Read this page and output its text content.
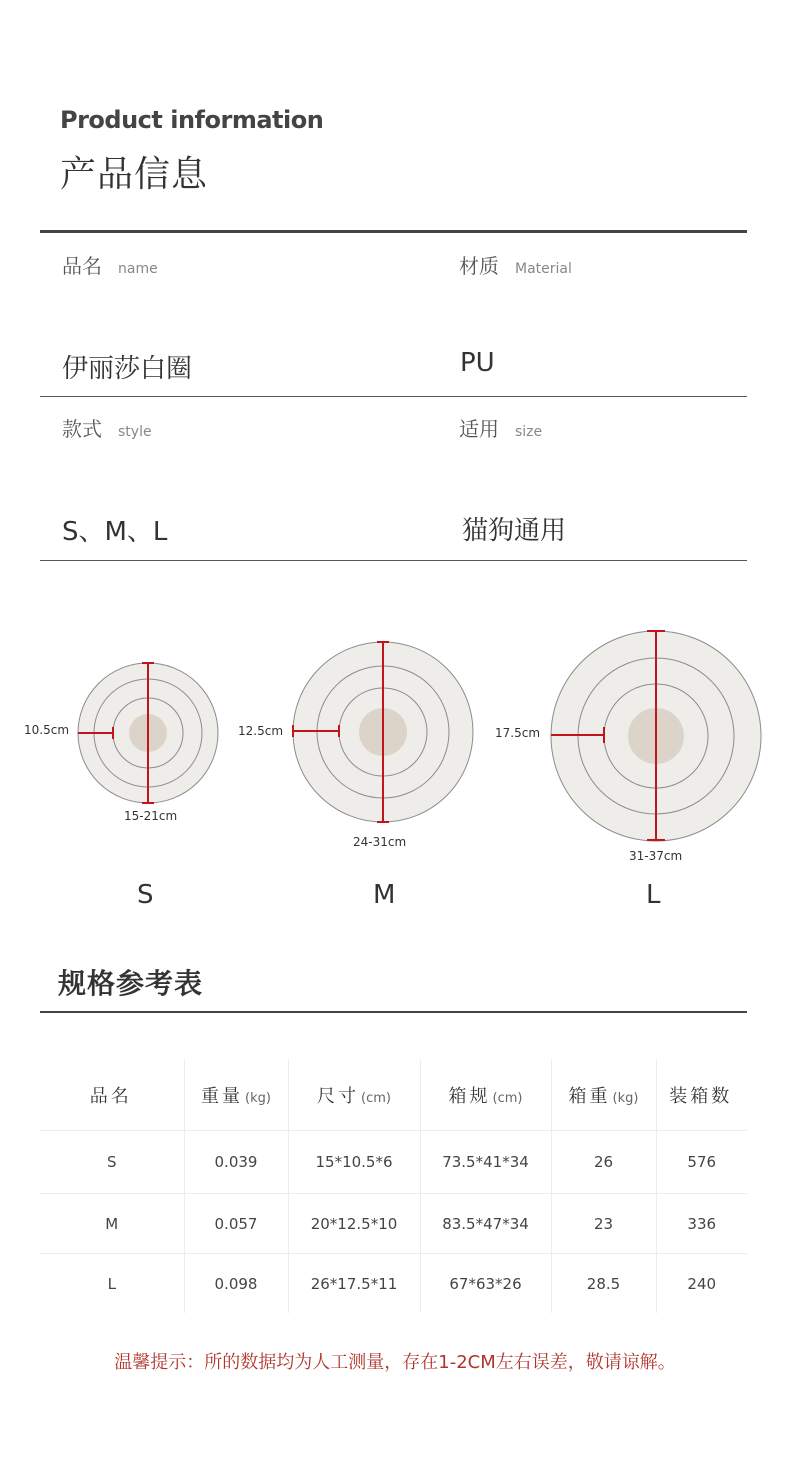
Product information
产品信息
品名 name	材质 Material
伊丽莎白圈	PU
款式 style	适用 size
S、M、L	猫狗通用
10.5cm
15-21cm
S
12.5cm
24-31cm
M
17.5cm
31-37cm
L
规格参考表
品名	重量 (kg)	尺寸 (cm)	箱规 (cm)	箱重 (kg)	装箱数
S	0.039	15*10.5*6	73.5*41*34	26	576
M	0.057	20*12.5*10	83.5*47*34	23	336
L	0.098	26*17.5*11	67*63*26	28.5	240
温馨提示：所的数据均为人工测量，存在1-2CM左右误差，敬请谅解。
